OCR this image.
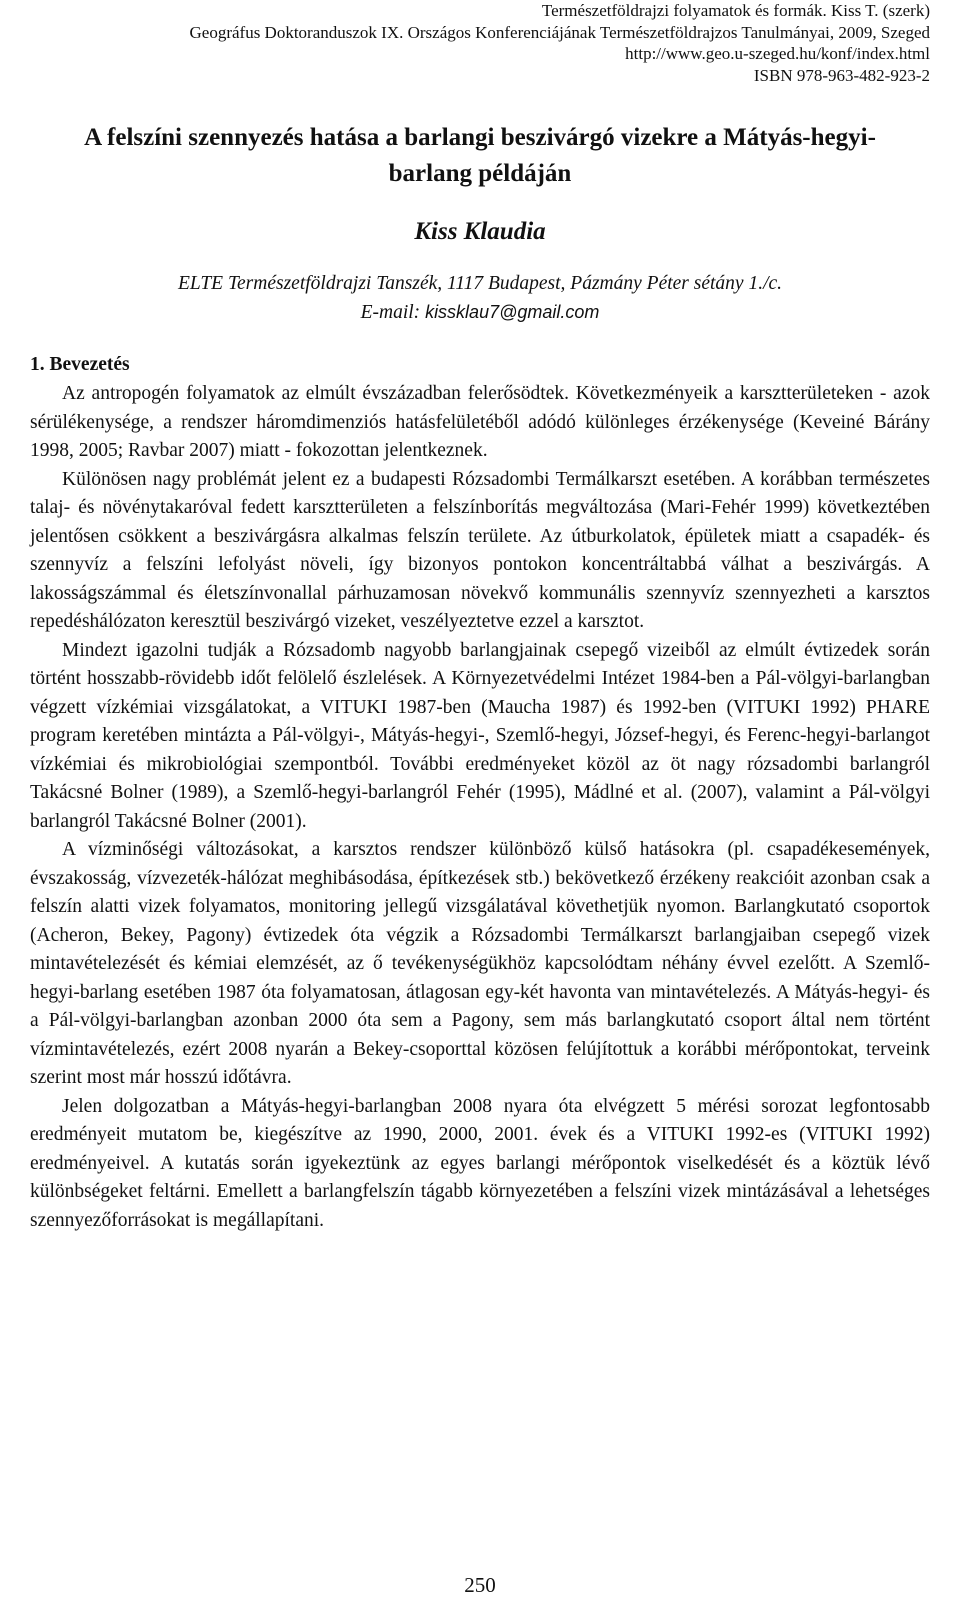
Természetföldrajzi folyamatok és formák. Kiss T. (szerk)
Geográfus Doktoranduszok IX. Országos Konferenciájának Természetföldrajzos Tanulmányai, 2009, Szeged
http://www.geo.u-szeged.hu/konf/index.html
ISBN 978-963-482-923-2
A felszíni szennyezés hatása a barlangi beszivárgó vizekre a Mátyás-hegyi-
barlang példáján
Kiss Klaudia
ELTE Természetföldrajzi Tanszék, 1117 Budapest, Pázmány Péter sétány 1./c.
E-mail: kissklau7@gmail.com
1. Bevezetés

Az antropogén folyamatok az elmúlt évszázadban felerősödtek. Következményeik a karsztterületeken - azok sérülékenysége, a rendszer háromdimenziós hatásfelületéből adódó különleges érzékenysége (Keveiné Bárány 1998, 2005; Ravbar 2007) miatt - fokozottan jelentkeznek.

Különösen nagy problémát jelent ez a budapesti Rózsadombi Termálkarszt esetében. A korábban természetes talaj- és növénytakaróval fedett karsztterületen a felszínborítás megváltozása (Mari-Fehér 1999) következtében jelentősen csökkent a beszivárgásra alkalmas felszín területe. Az útburkolatok, épületek miatt a csapadék- és szennyvíz a felszíni lefolyást növeli, így bizonyos pontokon koncentráltabbá válhat a beszivárgás. A lakosságszámmal és életszínvonallal párhuzamosan növekvő kommunális szennyvíz szennyezheti a karsztos repedéshálózaton keresztül beszivárgó vizeket, veszélyeztetve ezzel a karsztot.

Mindezt igazolni tudják a Rózsadomb nagyobb barlangjainak csepegő vizeiből az elmúlt évtizedek során történt hosszabb-rövidebb időt felölelő észlelések. A Környezetvédelmi Intézet 1984-ben a Pál-völgyi-barlangban végzett vízkémiai vizsgálatokat, a VITUKI 1987-ben (Maucha 1987) és 1992-ben (VITUKI 1992) PHARE program keretében mintázta a Pál-völgyi-, Mátyás-hegyi-, Szemlő-hegyi, József-hegyi, és Ferenc-hegyi-barlangot vízkémiai és mikrobiológiai szempontból. További eredményeket közöl az öt nagy rózsadombi barlangról Takácsné Bolner (1989), a Szemlő-hegyi-barlangról Fehér (1995), Mádlné et al. (2007), valamint a Pál-völgyi barlangról Takácsné Bolner (2001).

A vízminőségi változásokat, a karsztos rendszer különböző külső hatásokra (pl. csapadékesemények, évszakosság, vízvezeték-hálózat meghibásodása, építkezések stb.) bekövetkező érzékeny reakcióit azonban csak a felszín alatti vizek folyamatos, monitoring jellegű vizsgálatával követhetjük nyomon. Barlangkutató csoportok (Acheron, Bekey, Pagony) évtizedek óta végzik a Rózsadombi Termálkarszt barlangjaiban csepegő vizek mintavételezését és kémiai elemzését, az ő tevékenységükhöz kapcsolódtam néhány évvel ezelőtt. A Szemlő-hegyi-barlang esetében 1987 óta folyamatosan, átlagosan egy-két havonta van mintavételezés. A Mátyás-hegyi- és a Pál-völgyi-barlangban azonban 2000 óta sem a Pagony, sem más barlangkutató csoport által nem történt vízmintavételezés, ezért 2008 nyarán a Bekey-csoporttal közösen felújítottuk a korábbi mérőpontokat, terveink szerint most már hosszú időtávra.

Jelen dolgozatban a Mátyás-hegyi-barlangban 2008 nyara óta elvégzett 5 mérési sorozat legfontosabb eredményeit mutatom be, kiegészítve az 1990, 2000, 2001. évek és a VITUKI 1992-es (VITUKI 1992) eredményeivel. A kutatás során igyekeztünk az egyes barlangi mérőpontok viselkedését és a köztük lévő különbségeket feltárni. Emellett a barlangfelszín tágabb környezetében a felszíni vizek mintázásával a lehetséges szennyezőforrásokat is megállapítani.

250
